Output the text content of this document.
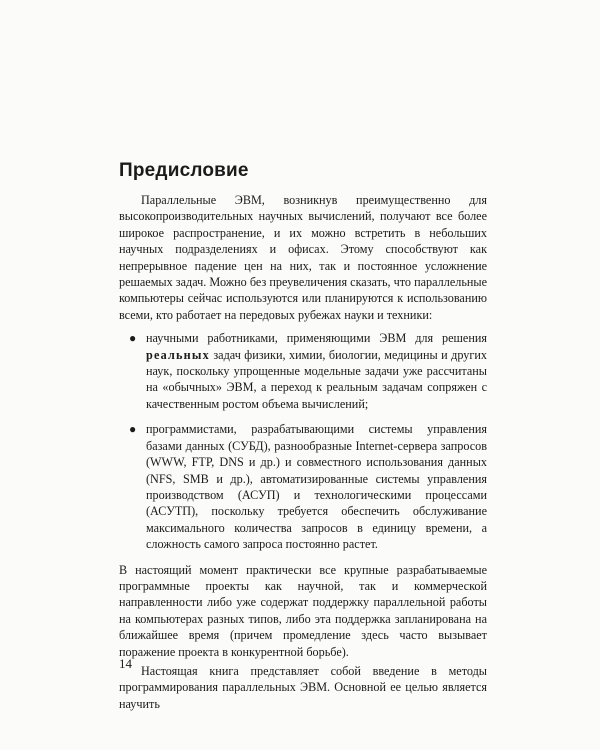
Предисловие

Параллельные ЭВМ, возникнув преимущественно для высокопроизводительных научных вычислений, получают все более широкое распространение, и их можно встретить в небольших научных подразделениях и офисах. Этому способствуют как непрерывное падение цен на них, так и постоянное усложнение решаемых задач. Можно без преувеличения сказать, что параллельные компьютеры сейчас используются или планируются к использованию всеми, кто работает на передовых рубежах науки и техники:

● научными работниками, применяющими ЭВМ для решения реальных задач физики, химии, биологии, медицины и других наук, поскольку упрощенные модельные задачи уже рассчитаны на «обычных» ЭВМ, а переход к реальным задачам сопряжен с качественным ростом объема вычислений;
● программистами, разрабатывающими системы управления базами данных (СУБД), разнообразные Internet-сервера запросов (WWW, FTP, DNS и др.) и совместного использования данных (NFS, SMB и др.), автоматизированные системы управления производством (АСУП) и технологическими процессами (АСУТП), поскольку требуется обеспечить обслуживание максимального количества запросов в единицу времени, а сложность самого запроса постоянно растет.

В настоящий момент практически все крупные разрабатываемые программные проекты как научной, так и коммерческой направленности либо уже содержат поддержку параллельной работы на компьютерах разных типов, либо эта поддержка запланирована на ближайшее время (причем промедление здесь часто вызывает поражение проекта в конкурентной борьбе).

Настоящая книга представляет собой введение в методы программирования параллельных ЭВМ. Основной ее целью является научить

14
